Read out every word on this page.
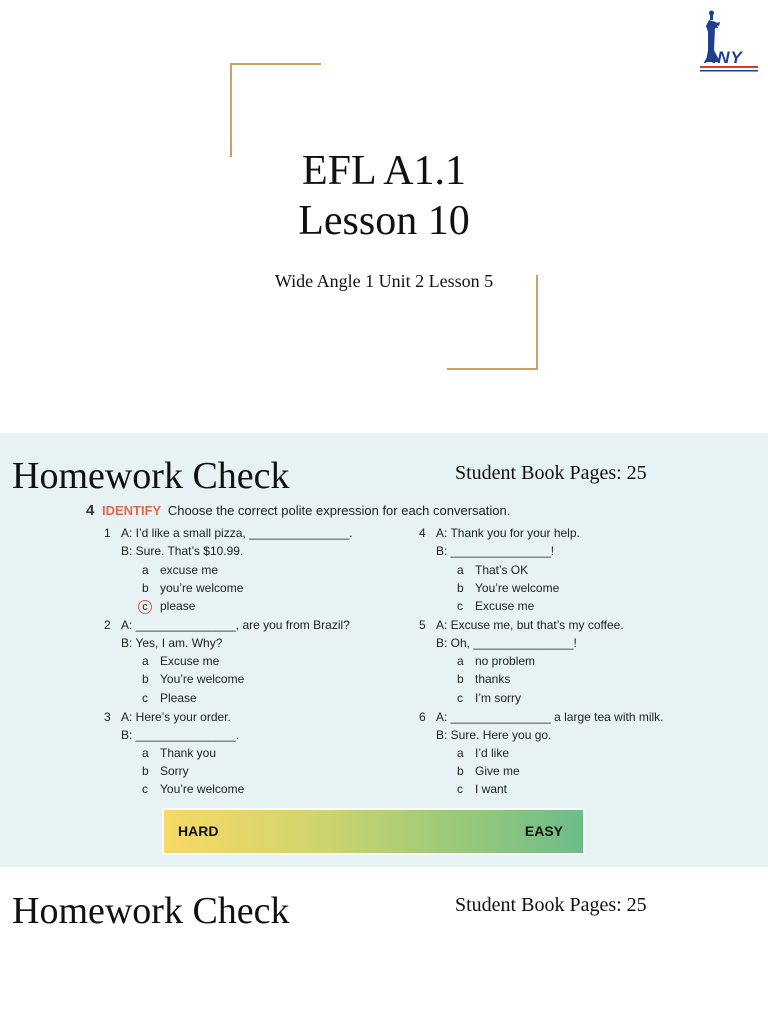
EFL A1.1
Lesson 10
Wide Angle 1 Unit 2 Lesson 5
ANY
Homework Check	Student Book Pages: 25
4 IDENTIFY Choose the correct polite expression for each conversation.
1 A: I’d like a small pizza, _______________.
B: Sure. That’s $10.99.
a excuse me
b you’re welcome
c	please
2 A: _______________, are you from Brazil?
B: Yes, I am. Why?
a Excuse me
b You’re welcome
c Please
3 A: Here’s your order.
B: _______________.
a Thank you
b Sorry
c You’re welcome
4 A: Thank you for your help.
B: _______________!
a That’s OK
b You’re welcome
c Excuse me
5 A: Excuse me, but that’s my coffee.
B: Oh, _______________!
a no problem
b thanks
c I’m sorry
6 A: _______________ a large tea with milk.
B: Sure. Here you go.
a I’d like
b Give me
c I want
HARD	EASY
Homework Check	Student Book Pages: 25
